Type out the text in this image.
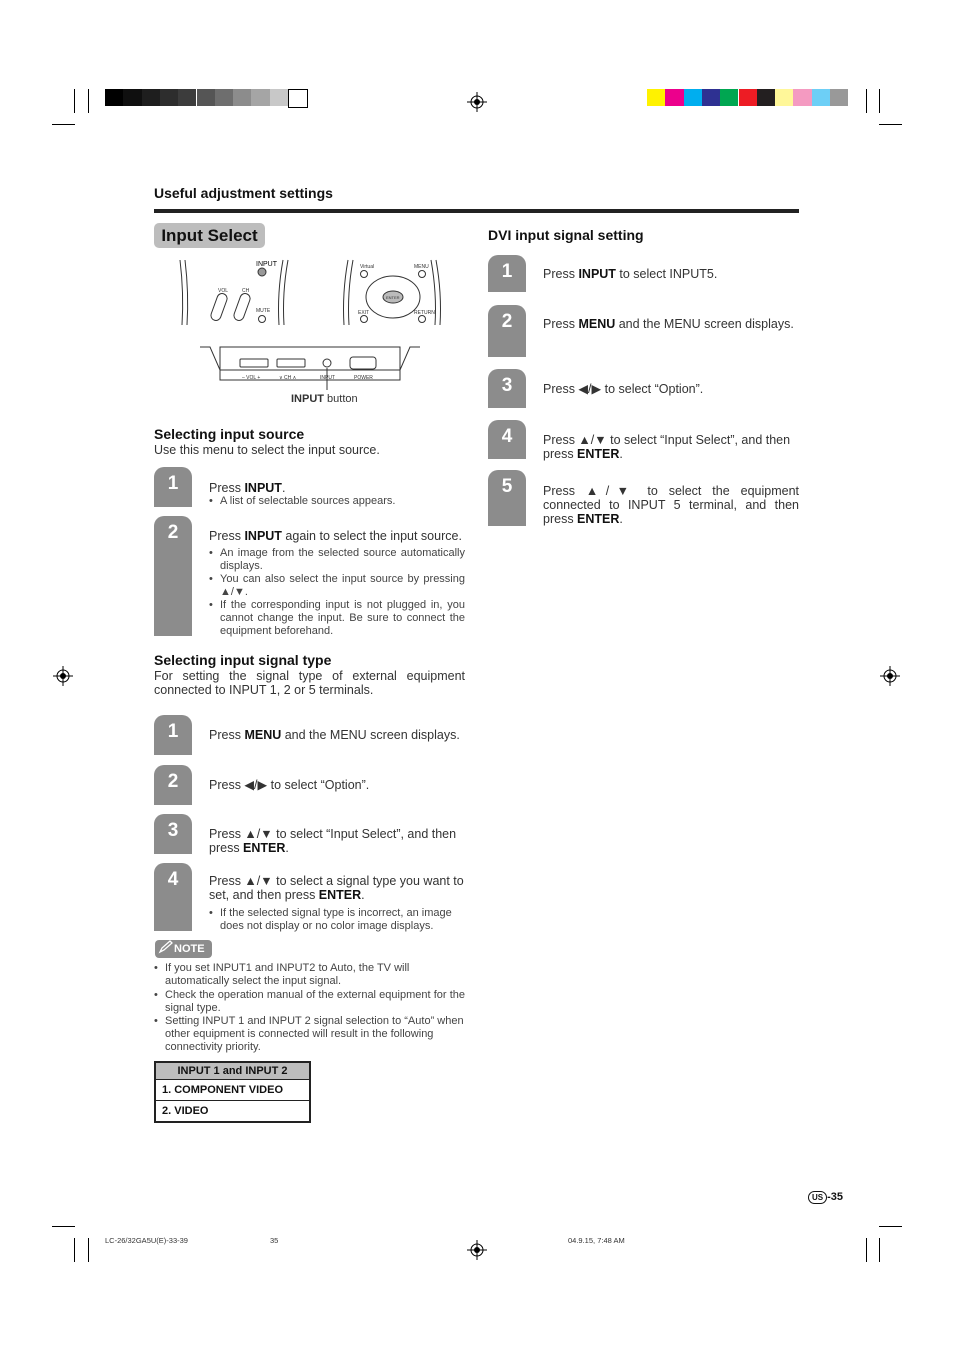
Useful adjustment settings
Input Select
INPUT
VOL	CH
MUTE
Virtual	MENU
ENTER
EXIT	RETURN
– VOL +	∨ CH ∧	INPUT	POWER
INPUT button
Selecting input source
Use this menu to select the input source.
1	Press INPUT.
• A list of selectable sources appears.
2	Press INPUT again to select the input source.
• An image from the selected source automatically displays.
• You can also select the input source by pressing ▲/▼.
• If the corresponding input is not plugged in, you cannot change the input. Be sure to connect the equipment beforehand.
Selecting input signal type
For setting the signal type of external equipment connected to INPUT 1, 2 or 5 terminals.
1	Press MENU and the MENU screen displays.
2	Press ◀/▶ to select “Option”.
3	Press ▲/▼ to select “Input Select”, and then press ENTER.
4	Press ▲/▼ to select a signal type you want to set, and then press ENTER.
• If the selected signal type is incorrect, an image does not display or no color image displays.
NOTE
• If you set INPUT1 and INPUT2 to Auto, the TV will automatically select the input signal.
• Check the operation manual of the external equipment for the signal type.
• Setting INPUT 1 and INPUT 2 signal selection to “Auto” when other equipment is connected will result in the following connectivity priority.
INPUT 1 and INPUT 2
1. COMPONENT VIDEO
2. VIDEO
DVI input signal setting
1	Press INPUT to select INPUT5.
2	Press MENU and the MENU screen displays.
3	Press ◀/▶ to select “Option”.
4	Press ▲/▼ to select “Input Select”, and then press ENTER.
5	Press ▲/▼ to select the equipment connected to INPUT 5 terminal, and then press ENTER.
US -35
LC-26/32GA5U(E)-33-39	35	04.9.15, 7:48 AM
